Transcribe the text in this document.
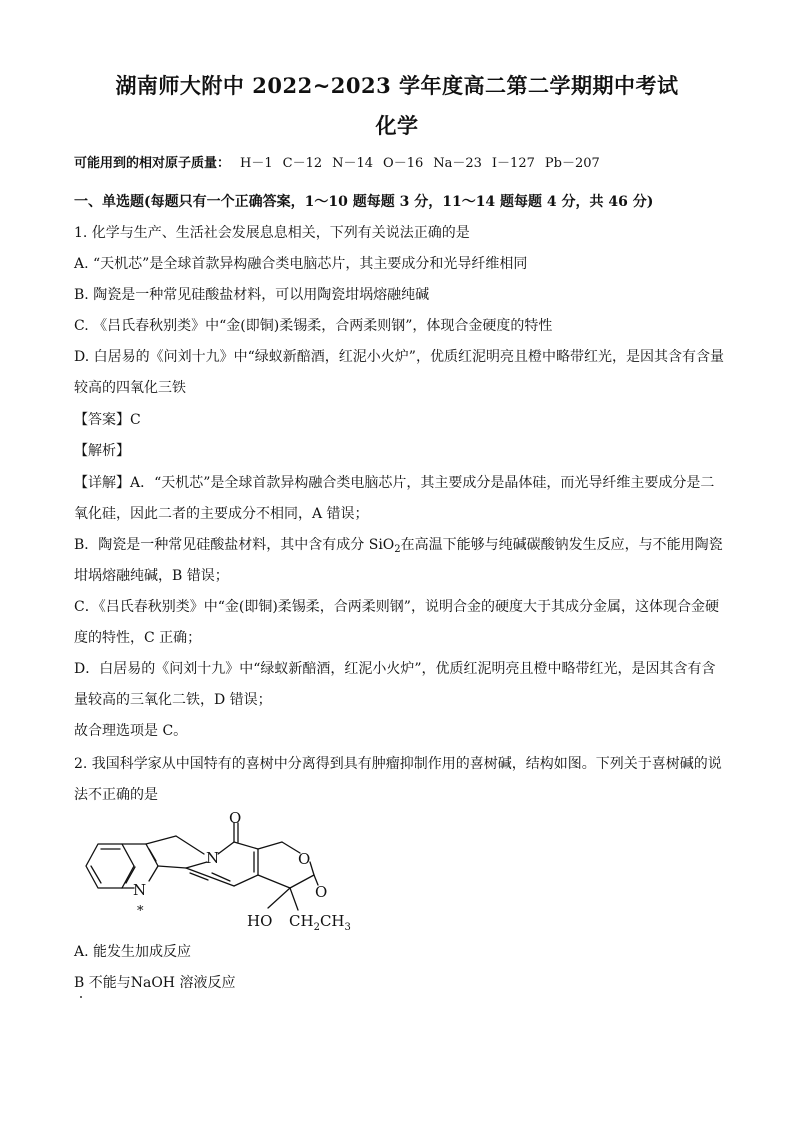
湖南师大附中 2022~2023 学年度高二第二学期期中考试
化学
可能用到的相对原子质量： H－1 C－12 N－14 O－16 Na－23 I－127 Pb－207
一、单选题(每题只有一个正确答案，1～10 题每题 3 分，11～14 题每题 4 分，共 46 分)
1. 化学与生产、生活社会发展息息相关，下列有关说法正确的是
A. “天机芯”是全球首款异构融合类电脑芯片，其主要成分和光导纤维相同
B. 陶瓷是一种常见硅酸盐材料，可以用陶瓷坩埚熔融纯碱
C. 《吕氏春秋别类》中“金(即铜)柔锡柔，合两柔则钢”，体现合金硬度的特性
D. 白居易的《问刘十九》中“绿蚁新醅酒，红泥小火炉”，优质红泥明亮且橙中略带红光，是因其含有含量
较高的四氧化三铁
【答案】C
【解析】
【详解】A．“天机芯”是全球首款异构融合类电脑芯片，其主要成分是晶体硅，而光导纤维主要成分是二
氧化硅，因此二者的主要成分不相同，A 错误；
B．陶瓷是一种常见硅酸盐材料，其中含有成分 SiO$_2$在高温下能够与纯碱碳酸钠发生反应，与不能用陶瓷
坩埚熔融纯碱，B 错误；
C．《吕氏春秋别类》中“金(即铜)柔锡柔，合两柔则钢”，说明合金的硬度大于其成分金属，这体现合金硬
度的特性，C 正确；
D．白居易的《问刘十九》中“绿蚁新醅酒，红泥小火炉”，优质红泥明亮且橙中略带红光，是因其含有含
量较高的三氧化二铁，D 错误；
故合理选项是 C。
2. 我国科学家从中国特有的喜树中分离得到具有肿瘤抑制作用的喜树碱，结构如图。下列关于喜树碱的说
法不正确的是
O
N	O
O
N
*
HO $CH_2CH_3$
A. 能发生加成反应
B 不能与NaOH 溶液反应
